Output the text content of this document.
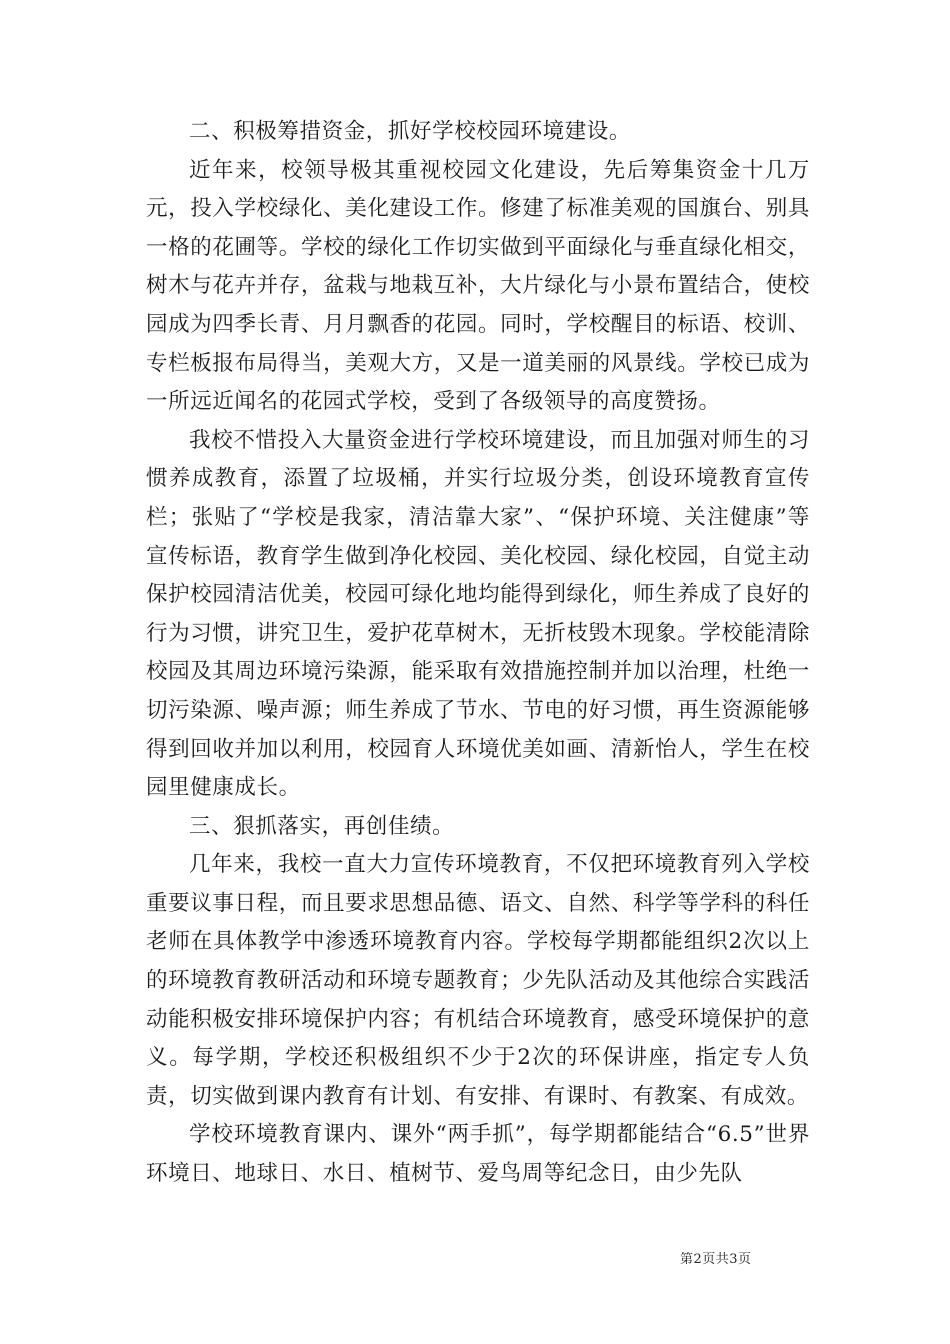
二、积极筹措资金，抓好学校校园环境建设。

近年来，校领导极其重视校园文化建设，先后筹集资金十几万元，投入学校绿化、美化建设工作。修建了标准美观的国旗台、别具一格的花圃等。学校的绿化工作切实做到平面绿化与垂直绿化相交，树木与花卉并存，盆栽与地栽互补，大片绿化与小景布置结合，使校园成为四季长青、月月飘香的花园。同时，学校醒目的标语、校训、专栏板报布局得当，美观大方，又是一道美丽的风景线。学校已成为一所远近闻名的花园式学校，受到了各级领导的高度赞扬。

我校不惜投入大量资金进行学校环境建设，而且加强对师生的习惯养成教育，添置了垃圾桶，并实行垃圾分类，创设环境教育宣传栏；张贴了“学校是我家，清洁靠大家”、“保护环境、关注健康”等宣传标语，教育学生做到净化校园、美化校园、绿化校园，自觉主动保护校园清洁优美，校园可绿化地均能得到绿化，师生养成了良好的行为习惯，讲究卫生，爱护花草树木，无折枝毁木现象。学校能清除校园及其周边环境污染源，能采取有效措施控制并加以治理，杜绝一切污染源、噪声源；师生养成了节水、节电的好习惯，再生资源能够得到回收并加以利用，校园育人环境优美如画、清新怡人，学生在校园里健康成长。

三、狠抓落实，再创佳绩。

几年来，我校一直大力宣传环境教育，不仅把环境教育列入学校重要议事日程，而且要求思想品德、语文、自然、科学等学科的科任老师在具体教学中渗透环境教育内容。学校每学期都能组织2次以上的环境教育教研活动和环境专题教育；少先队活动及其他综合实践活动能积极安排环境保护内容；有机结合环境教育，感受环境保护的意义。每学期，学校还积极组织不少于2次的环保讲座，指定专人负责，切实做到课内教育有计划、有安排、有课时、有教案、有成效。

学校环境教育课内、课外“两手抓”，每学期都能结合“6.5”世界环境日、地球日、水日、植树节、爱鸟周等纪念日，由少先队

第2页共3页
